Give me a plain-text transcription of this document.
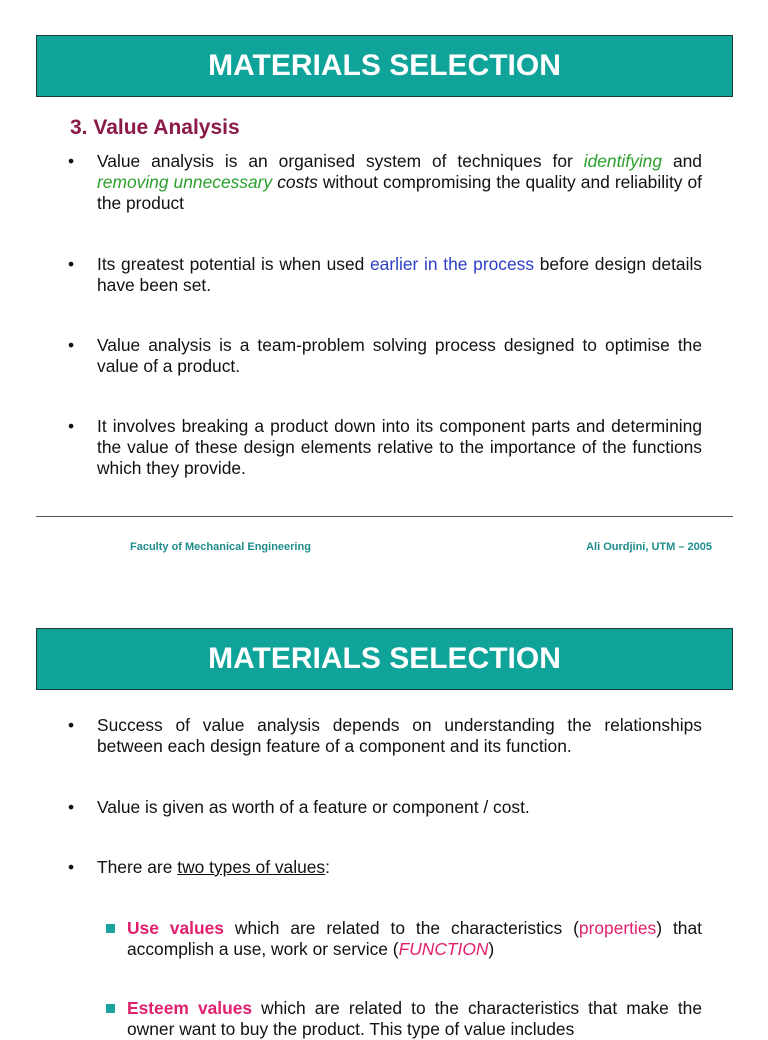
MATERIALS SELECTION
3. Value Analysis
•	Value analysis is an organised system of techniques for identifying and removing unnecessary costs without compromising the quality and reliability of the product
•	Its greatest potential is when used earlier in the process before design details have been set.
•	Value analysis is a team-problem solving process designed to optimise the value of a product.
•	It involves breaking a product down into its component parts and determining the value of these design elements relative to the importance of the functions which they provide.
Faculty of Mechanical Engineering	Ali Ourdjini, UTM – 2005
MATERIALS SELECTION
•	Success of value analysis depends on understanding the relationships between each design feature of a component and its function.
•	Value is given as worth of a feature or component / cost.
•	There are two types of values:
Use values which are related to the characteristics (properties) that accomplish a use, work or service (FUNCTION)
Esteem values which are related to the characteristics that make the owner want to buy the product. This type of value includes
